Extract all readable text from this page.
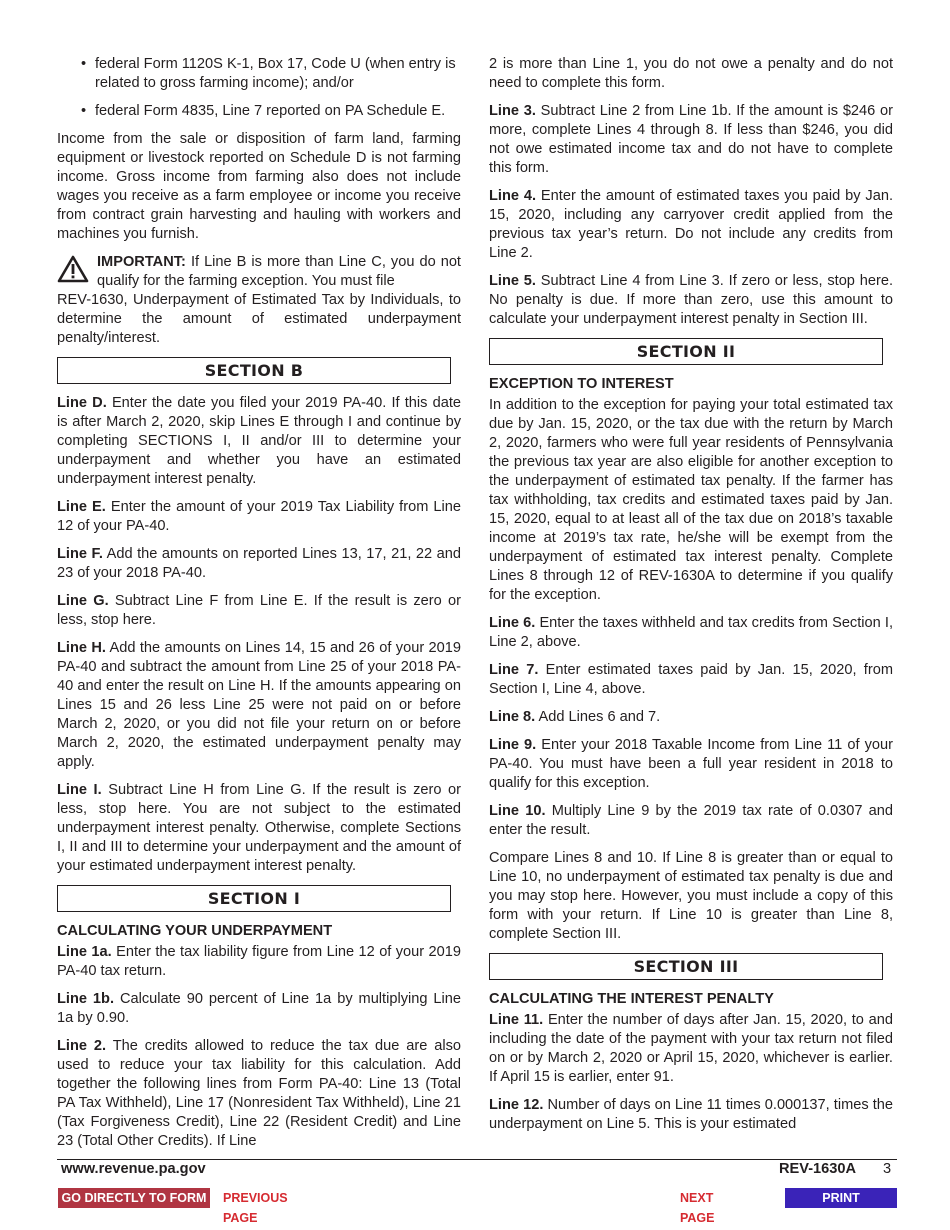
• federal Form 1120S K-1, Box 17, Code U (when entry is related to gross farming income); and/or
• federal Form 4835, Line 7 reported on PA Schedule E.

Income from the sale or disposition of farm land, farming equipment or livestock reported on Schedule D is not farming income. Gross income from farming also does not include wages you receive as a farm employee or income you receive from contract grain harvesting and hauling with workers and machines you furnish.

IMPORTANT: If Line B is more than Line C, you do not qualify for the farming exception. You must file
REV-1630, Underpayment of Estimated Tax by Individuals, to determine the amount of estimated underpayment penalty/interest.
SECTION B

Line D. Enter the date you filed your 2019 PA-40. If this date is after March 2, 2020, skip Lines E through I and continue by completing SECTIONS I, II and/or III to determine your underpayment and whether you have an estimated underpayment interest penalty.

Line E. Enter the amount of your 2019 Tax Liability from Line 12 of your PA-40.

Line F. Add the amounts on reported Lines 13, 17, 21, 22 and 23 of your 2018 PA-40.

Line G. Subtract Line F from Line E. If the result is zero or less, stop here.

Line H. Add the amounts on Lines 14, 15 and 26 of your 2019 PA-40 and subtract the amount from Line 25 of your 2018 PA-40 and enter the result on Line H. If the amounts appearing on Lines 15 and 26 less Line 25 were not paid on or before March 2, 2020, or you did not file your return on or before March 2, 2020, the estimated underpayment penalty may apply.

Line I. Subtract Line H from Line G. If the result is zero or less, stop here. You are not subject to the estimated underpayment interest penalty. Otherwise, complete Sections I, II and III to determine your underpayment and the amount of your estimated underpayment interest penalty.

SECTION I
CALCULATING YOUR UNDERPAYMENT

Line 1a. Enter the tax liability figure from Line 12 of your 2019 PA-40 tax return.

Line 1b. Calculate 90 percent of Line 1a by multiplying Line 1a by 0.90.

Line 2. The credits allowed to reduce the tax due are also used to reduce your tax liability for this calculation. Add together the following lines from Form PA-40: Line 13 (Total PA Tax Withheld), Line 17 (Nonresident Tax Withheld), Line 21 (Tax Forgiveness Credit), Line 22 (Resident Credit) and Line 23 (Total Other Credits). If Line

2 is more than Line 1, you do not owe a penalty and do not need to complete this form.

Line 3. Subtract Line 2 from Line 1b. If the amount is $246 or more, complete Lines 4 through 8. If less than $246, you did not owe estimated income tax and do not have to complete this form.

Line 4. Enter the amount of estimated taxes you paid by Jan. 15, 2020, including any carryover credit applied from the previous tax year’s return. Do not include any credits from Line 2.

Line 5. Subtract Line 4 from Line 3. If zero or less, stop here. No penalty is due. If more than zero, use this amount to calculate your underpayment interest penalty in Section III.

SECTION II
EXCEPTION TO INTEREST

In addition to the exception for paying your total estimated tax due by Jan. 15, 2020, or the tax due with the return by March 2, 2020, farmers who were full year residents of Pennsylvania the previous tax year are also eligible for another exception to the underpayment of estimated tax penalty. If the farmer has tax withholding, tax credits and estimated taxes paid by Jan. 15, 2020, equal to at least all of the tax due on 2018’s taxable income at 2019’s tax rate, he/she will be exempt from the underpayment of estimated tax interest penalty. Complete Lines 8 through 12 of REV-1630A to determine if you qualify for the exception.

Line 6. Enter the taxes withheld and tax credits from Section I, Line 2, above.

Line 7. Enter estimated taxes paid by Jan. 15, 2020, from Section I, Line 4, above.

Line 8. Add Lines 6 and 7.

Line 9. Enter your 2018 Taxable Income from Line 11 of your PA-40. You must have been a full year resident in 2018 to qualify for this exception.

Line 10. Multiply Line 9 by the 2019 tax rate of 0.0307 and enter the result.

Compare Lines 8 and 10. If Line 8 is greater than or equal to Line 10, no underpayment of estimated tax penalty is due and you may stop here. However, you must include a copy of this form with your return. If Line 10 is greater than Line 8, complete Section III.

SECTION III
CALCULATING THE INTEREST PENALTY

Line 11. Enter the number of days after Jan. 15, 2020, to and including the date of the payment with your tax return not filed on or by March 2, 2020 or April 15, 2020, whichever is earlier. If April 15 is earlier, enter 91.

Line 12. Number of days on Line 11 times 0.000137, times the underpayment on Line 5. This is your estimated

www.revenue.pa.gov	REV-1630A 3
GO DIRECTLY TO FORM PREVIOUS PAGE
NEXT PAGE
PRINT
